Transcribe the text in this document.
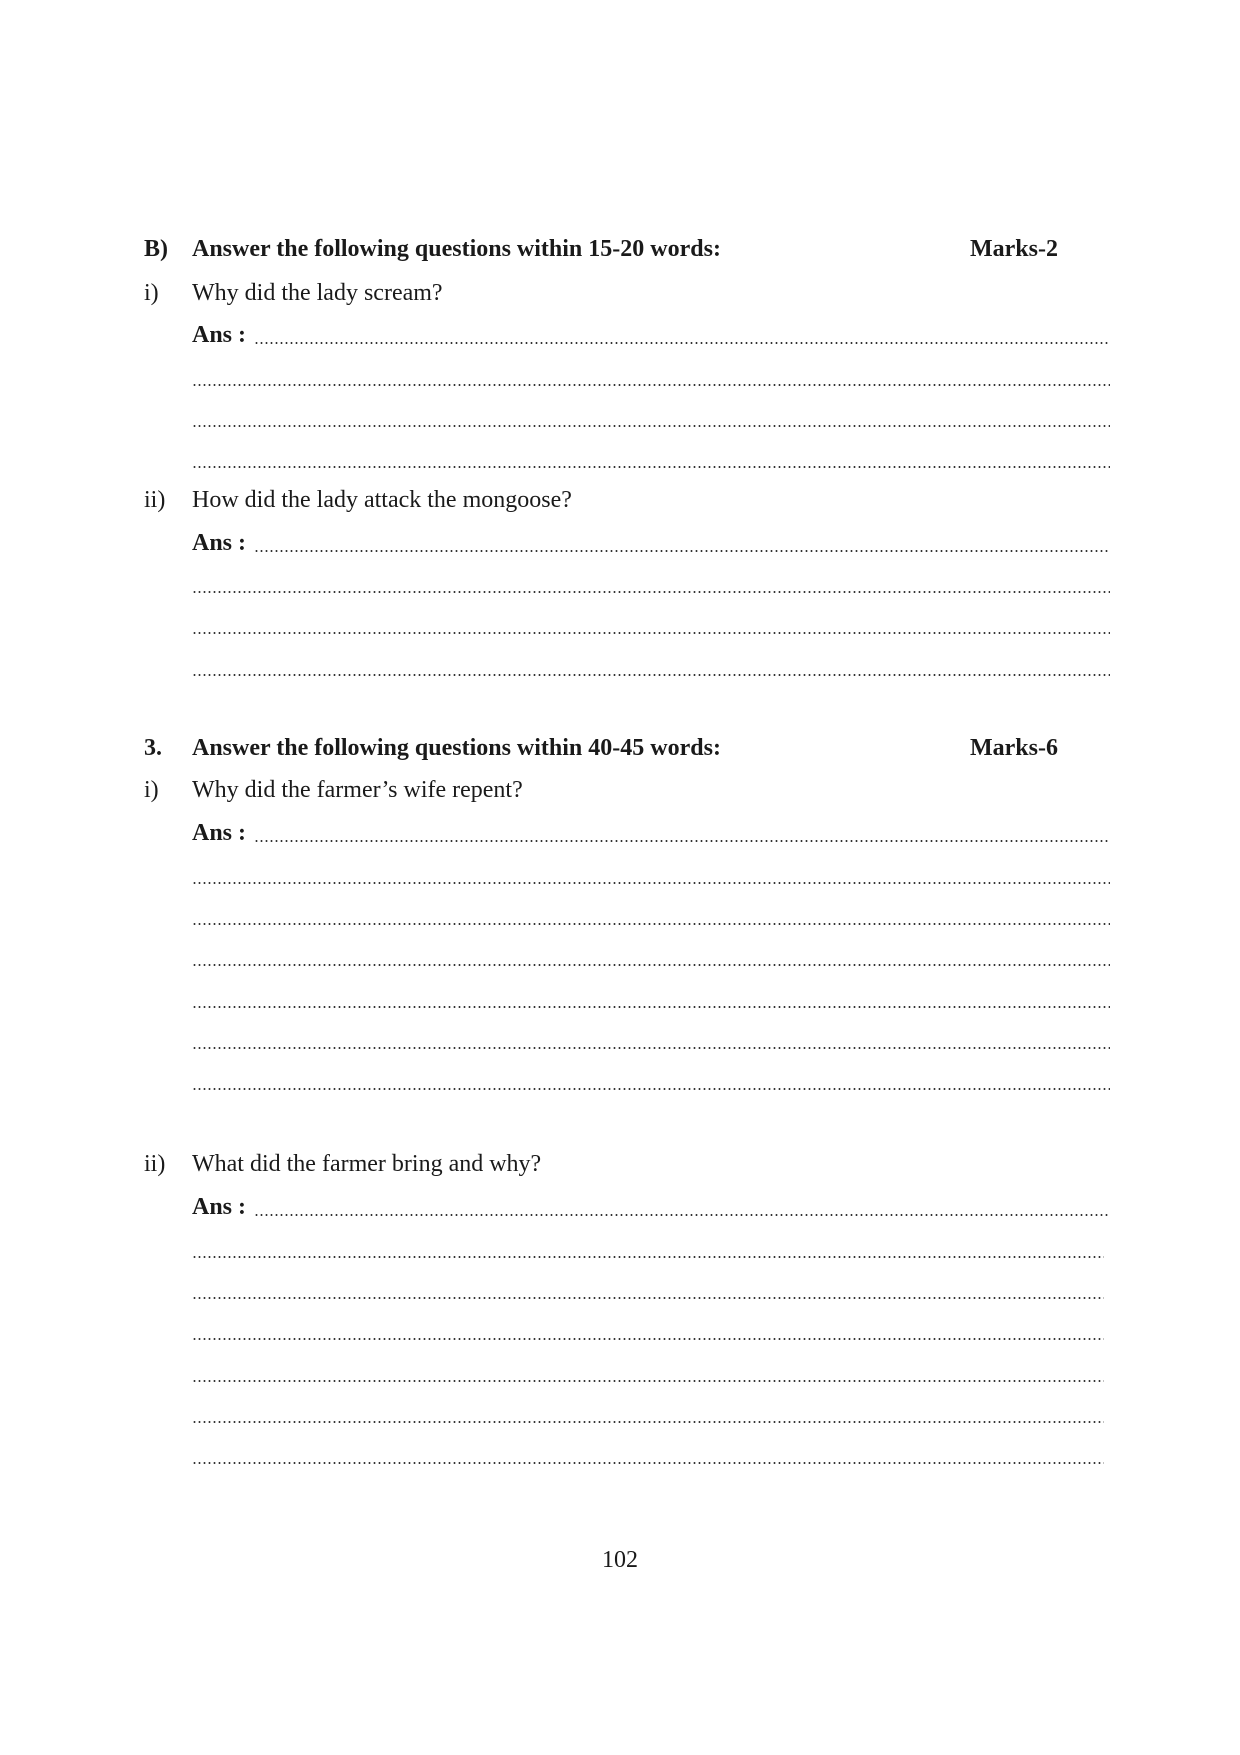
B) Answer the following questions within 15-20 words:	Marks-2
i) Why did the lady scream?
Ans :
ii) How did the lady attack the mongoose?
Ans :
3. Answer the following questions within 40-45 words:	Marks-6
i) Why did the farmer’s wife repent?
Ans :
ii) What did the farmer bring and why?
Ans :
102
